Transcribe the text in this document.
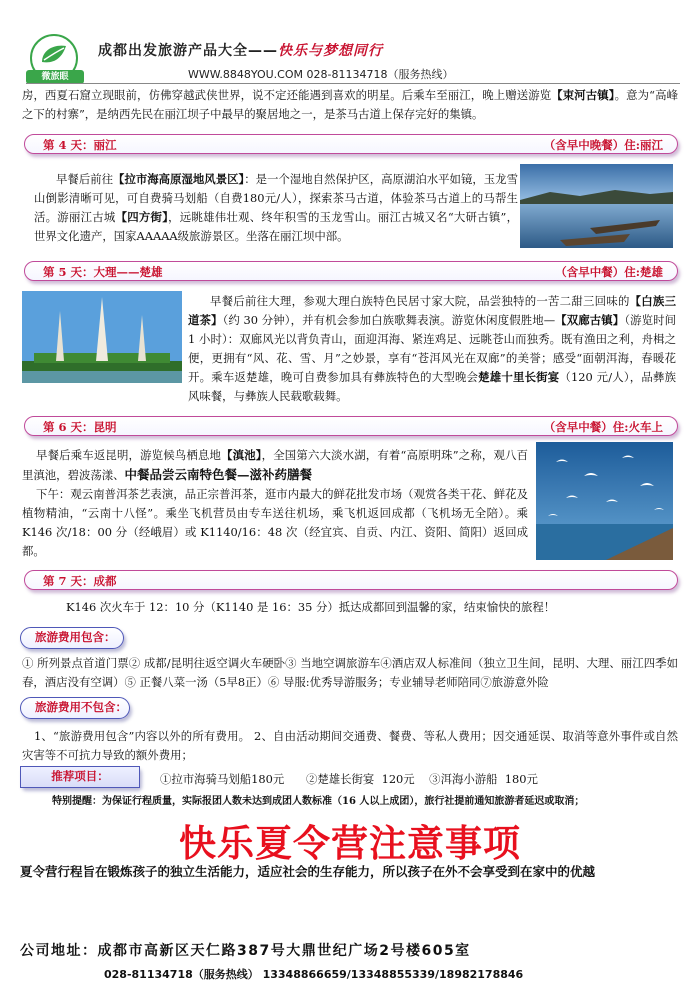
微旅眼
成都出发旅游产品大全——快乐与梦想同行
WWW.8848YOU.COM 028-81134718（服务热线）
房，西夏石窟立现眼前，仿佛穿越武侠世界，说不定还能遇到喜欢的明星。后乘车至丽江，晚上赠送游览【束河古镇】。意为“高峰之下的村寨”，是纳西先民在丽江坝子中最早的聚居地之一，是茶马古道上保存完好的集镇。
第 4 天：丽江	（含早中晚餐）住:丽江
早餐后前往【拉市海高原湿地风景区】：是一个湿地自然保护区，高原湖泊水平如镜，玉龙雪山倒影清晰可见，可自费骑马划船（自费180元/人），探索茶马古道，体验茶马古道上的马帮生活。游丽江古城【四方街】，远眺雄伟壮观、终年积雪的玉龙雪山。丽江古城又名“大研古镇”，世界文化遗产，国家AAAAA级旅游景区。坐落在丽江坝中部。
第 5 天：大理——楚雄	（含早中餐）住:楚雄
早餐后前往大理，参观大理白族特色民居寸家大院，品尝独特的一苦二甜三回味的【白族三道茶】（约 30 分钟），并有机会参加白族歌舞表演。游览休闲度假胜地—【双廊古镇】（游览时间 1 小时）：双廊风光以背负青山，面迎洱海、紧连鸡足、远眺苍山而独秀。既有渔田之利，舟楫之便，更拥有“风、花、雪、月”之妙景，享有“苍洱风光在双廊”的美誉；感受“面朝洱海，春暖花开。乘车返楚雄，晚可自费参加具有彝族特色的大型晚会楚雄十里长街宴（120 元/人），品彝族风味餐，与彝族人民载歌载舞。
第 6 天：昆明	（含早中餐）住:火车上
早餐后乘车返昆明，游览候鸟栖息地【滇池】，全国第六大淡水湖，有着“高原明珠”之称，观八百里滇池，碧波荡漾、中餐品尝云南特色餐—滋补药膳餐
下午：观云南普洱茶艺表演，品正宗普洱茶，逛市内最大的鲜花批发市场（观赏各类干花、鲜花及植物精油，“云南十八怪”。乘坐飞机营员由专车送往机场，乘飞机返回成都（飞机场无全陪）。乘 K146 次/18：00 分（经峨眉）或 K1140/16：48 次（经宜宾、自贡、内江、资阳、简阳）返回成都。
第 7 天：成都
K146 次火车于 12：10 分（K1140 是 16：35 分）抵达成都回到温馨的家，结束愉快的旅程！
旅游费用包含：
① 所列景点首道门票② 成都/昆明往返空调火车硬卧③ 当地空调旅游车④酒店双人标准间（独立卫生间，昆明、大理、丽江四季如春，酒店没有空调）⑤ 正餐八菜一汤（5早8正）⑥ 导服:优秀导游服务；专业辅导老师陪同⑦旅游意外险
旅游费用不包含：
1、“旅游费用包含”内容以外的所有费用。 2、自由活动期间交通费、餐费、等私人费用；因交通延误、取消等意外事件或自然灾害等不可抗力导致的额外费用；
推荐项目：	①拉市海骑马划船180元      ②楚雄长街宴  120元    ③洱海小游船  180元
特别提醒：为保证行程质量，实际报团人数未达到成团人数标准（16 人以上成团），旅行社提前通知旅游者延迟或取消；
快乐夏令营注意事项
夏令营行程旨在锻炼孩子的独立生活能力，适应社会的生存能力，所以孩子在外不会享受到在家中的优越
公司地址：成都市高新区天仁路387号大鼎世纪广场2号楼605室
028-81134718（服务热线） 13348866659/13348855339/18982178846
